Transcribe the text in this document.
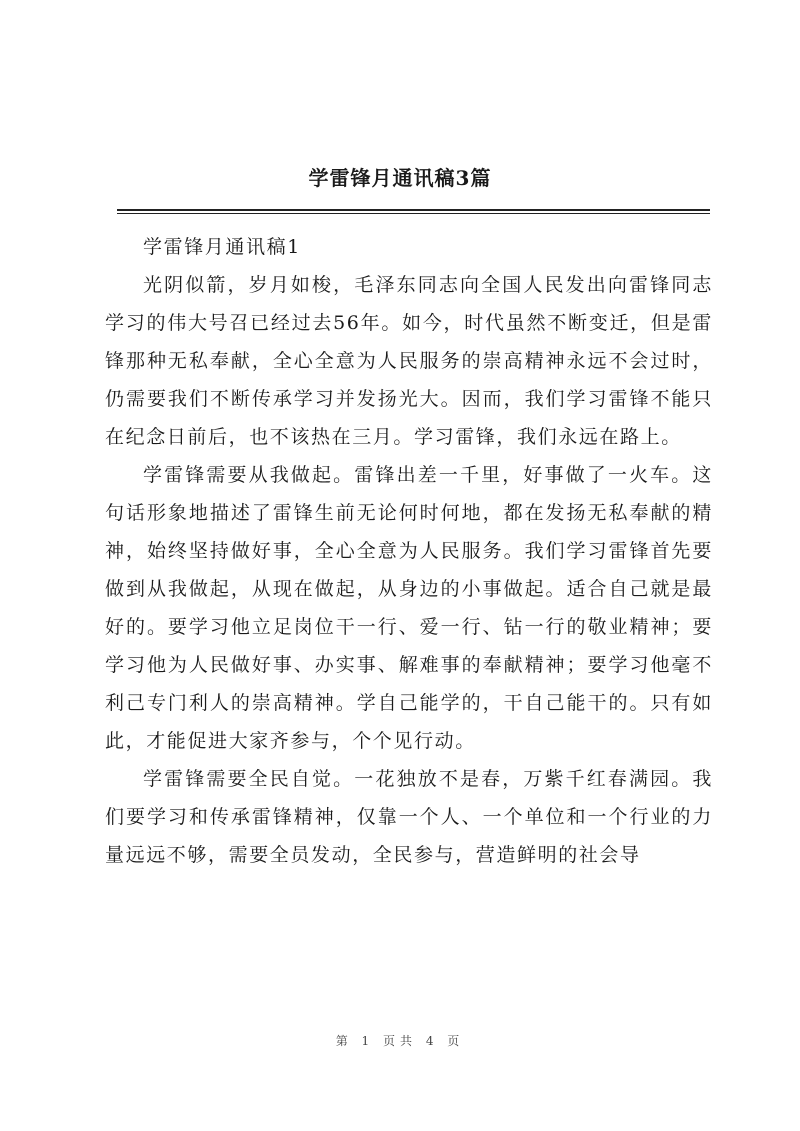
学雷锋月通讯稿3篇

学雷锋月通讯稿1

光阴似箭，岁月如梭，毛泽东同志向全国人民发出向雷锋同志学习的伟大号召已经过去56年。如今，时代虽然不断变迁，但是雷锋那种无私奉献，全心全意为人民服务的崇高精神永远不会过时，仍需要我们不断传承学习并发扬光大。因而，我们学习雷锋不能只在纪念日前后，也不该热在三月。学习雷锋，我们永远在路上。

学雷锋需要从我做起。雷锋出差一千里，好事做了一火车。这句话形象地描述了雷锋生前无论何时何地，都在发扬无私奉献的精神，始终坚持做好事，全心全意为人民服务。我们学习雷锋首先要做到从我做起，从现在做起，从身边的小事做起。适合自己就是最好的。要学习他立足岗位干一行、爱一行、钻一行的敬业精神；要学习他为人民做好事、办实事、解难事的奉献精神；要学习他毫不利己专门利人的崇高精神。学自己能学的，干自己能干的。只有如此，才能促进大家齐参与，个个见行动。

学雷锋需要全民自觉。一花独放不是春，万紫千红春满园。我们要学习和传承雷锋精神，仅靠一个人、一个单位和一个行业的力量远远不够，需要全员发动，全民参与，营造鲜明的社会导

第 1 页共 4 页
